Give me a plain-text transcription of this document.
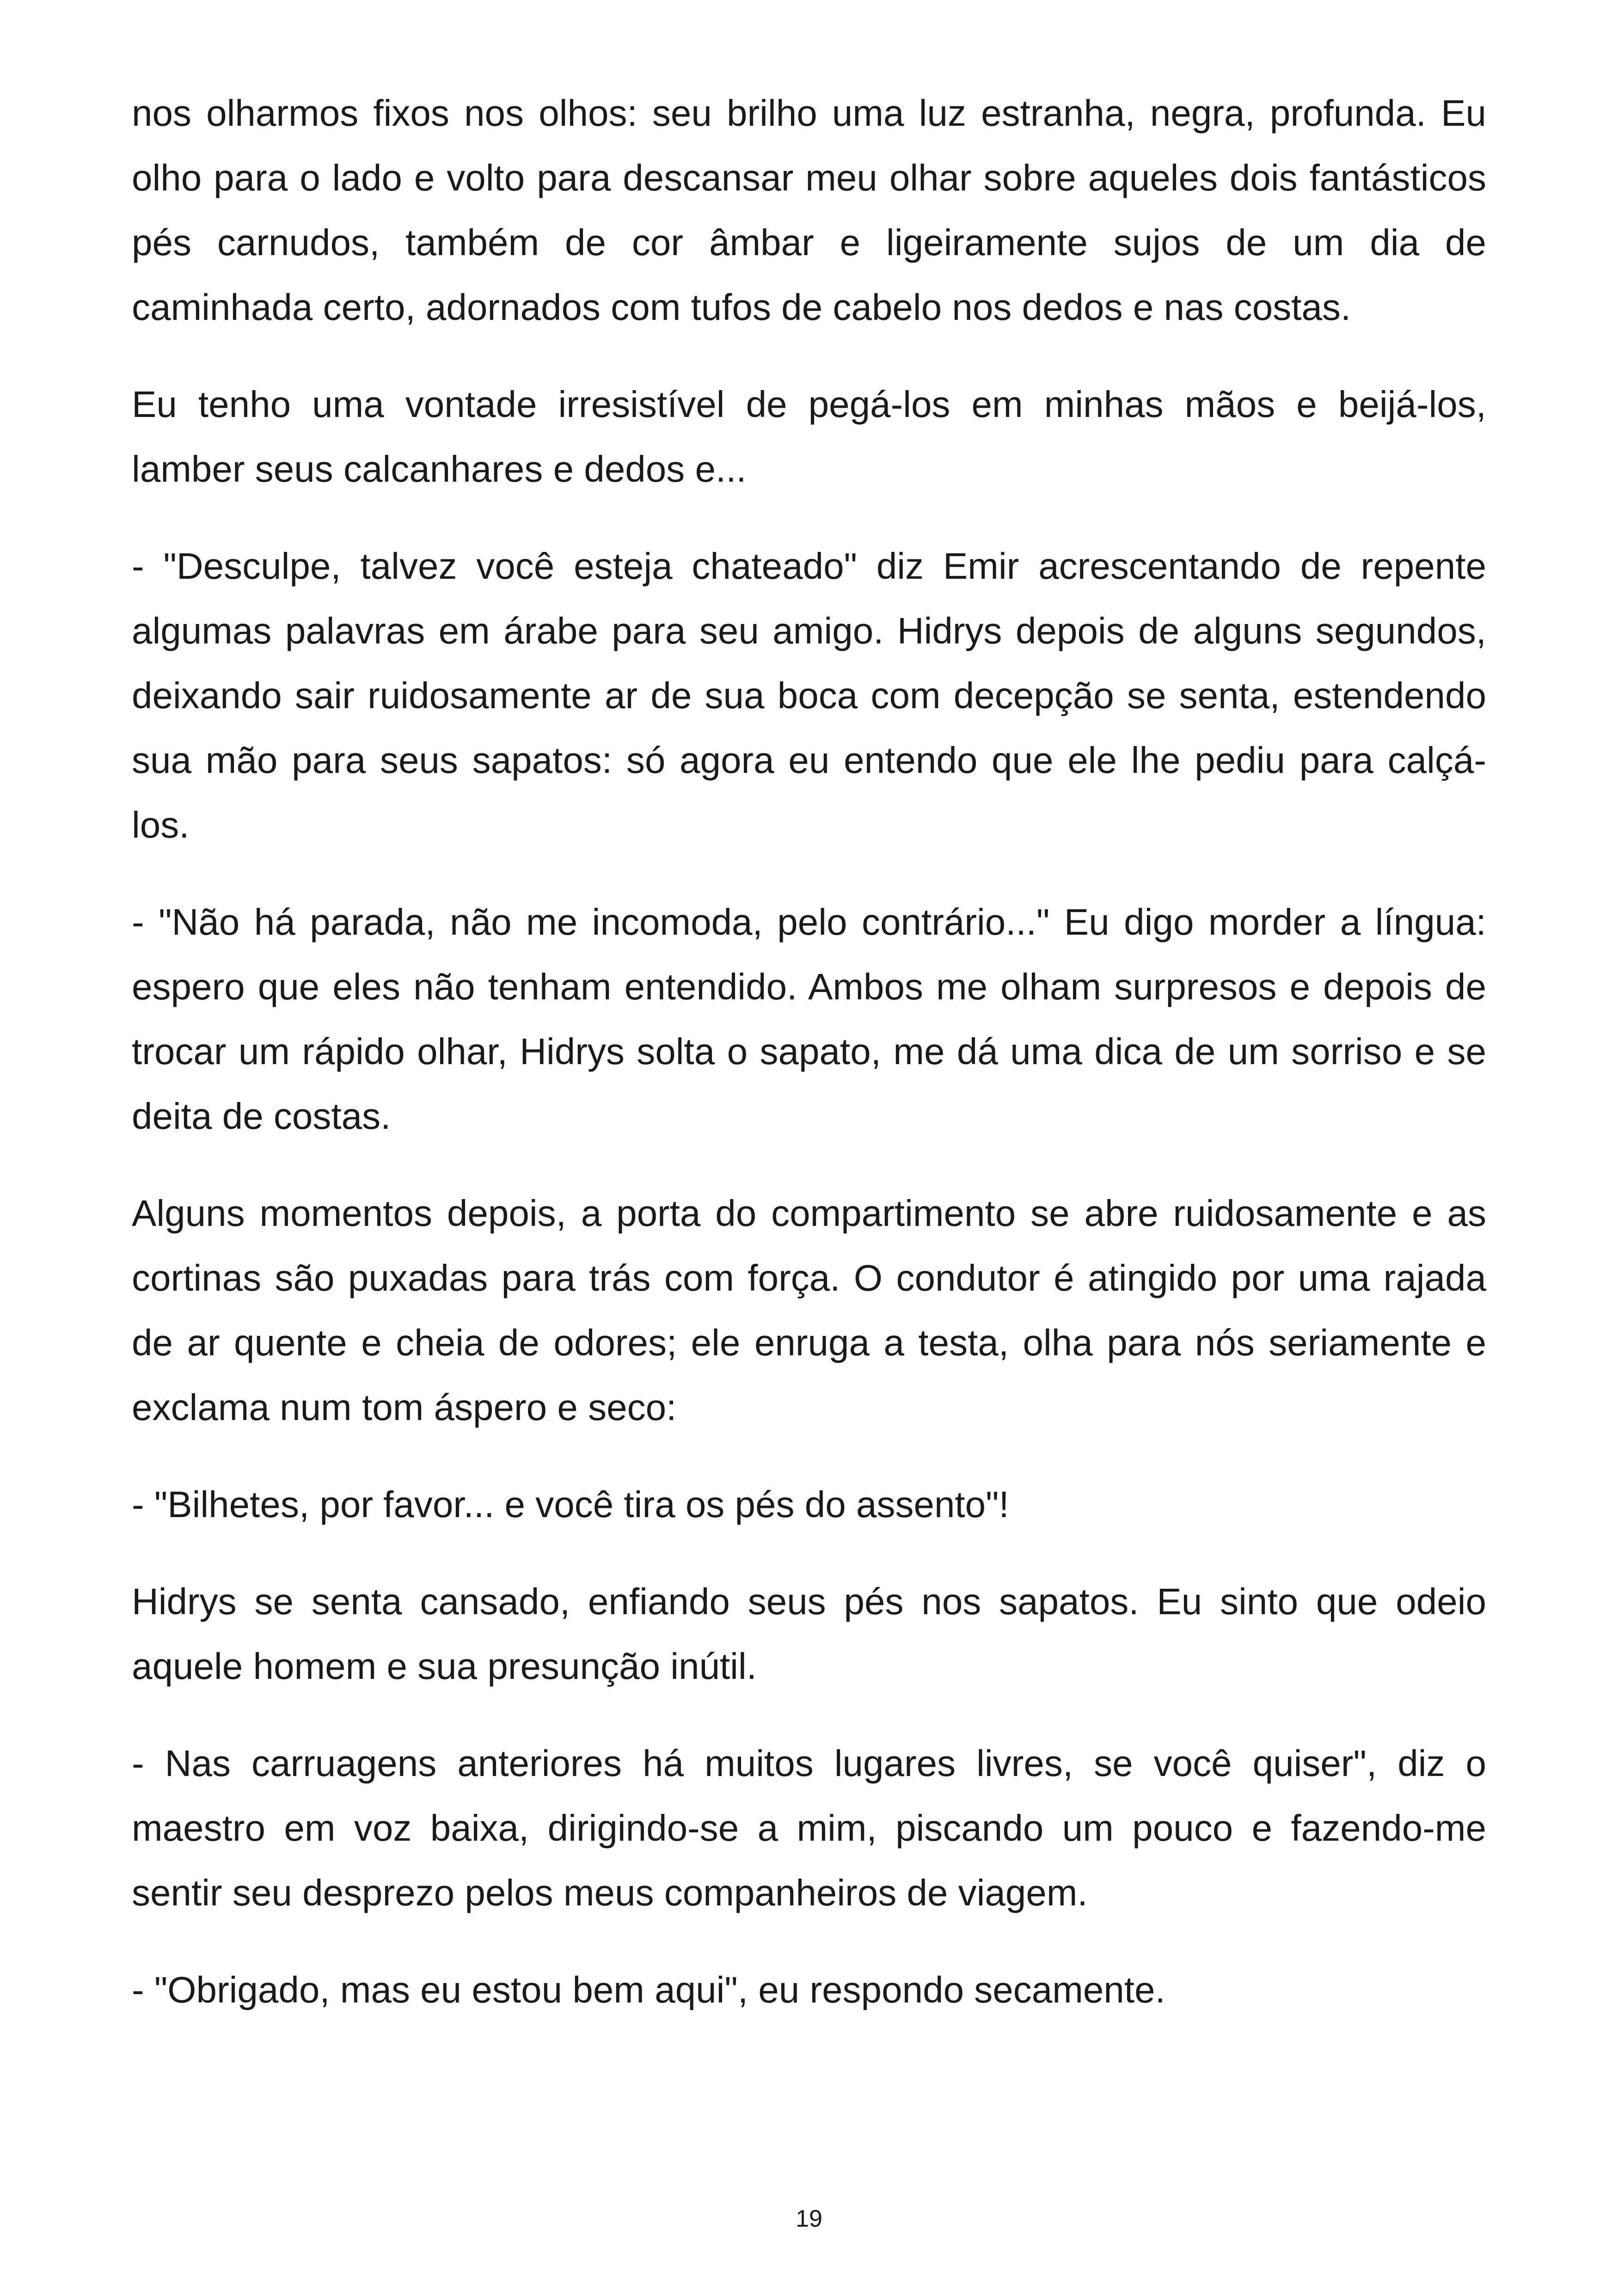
nos olharmos fixos nos olhos: seu brilho uma luz estranha, negra, profunda. Eu olho para o lado e volto para descansar meu olhar sobre aqueles dois fantásticos pés carnudos, também de cor âmbar e ligeiramente sujos de um dia de caminhada certo, adornados com tufos de cabelo nos dedos e nas costas.

Eu tenho uma vontade irresistível de pegá-los em minhas mãos e beijá-los, lamber seus calcanhares e dedos e...

- "Desculpe, talvez você esteja chateado" diz Emir acrescentando de repente algumas palavras em árabe para seu amigo. Hidrys depois de alguns segundos, deixando sair ruidosamente ar de sua boca com decepção se senta, estendendo sua mão para seus sapatos: só agora eu entendo que ele lhe pediu para calçá-los.

- "Não há parada, não me incomoda, pelo contrário..." Eu digo morder a língua: espero que eles não tenham entendido. Ambos me olham surpresos e depois de trocar um rápido olhar, Hidrys solta o sapato, me dá uma dica de um sorriso e se deita de costas.

Alguns momentos depois, a porta do compartimento se abre ruidosamente e as cortinas são puxadas para trás com força. O condutor é atingido por uma rajada de ar quente e cheia de odores; ele enruga a testa, olha para nós seriamente e exclama num tom áspero e seco:

- "Bilhetes, por favor... e você tira os pés do assento"!

Hidrys se senta cansado, enfiando seus pés nos sapatos. Eu sinto que odeio aquele homem e sua presunção inútil.

- Nas carruagens anteriores há muitos lugares livres, se você quiser", diz o maestro em voz baixa, dirigindo-se a mim, piscando um pouco e fazendo-me sentir seu desprezo pelos meus companheiros de viagem.

- "Obrigado, mas eu estou bem aqui", eu respondo secamente.

19
